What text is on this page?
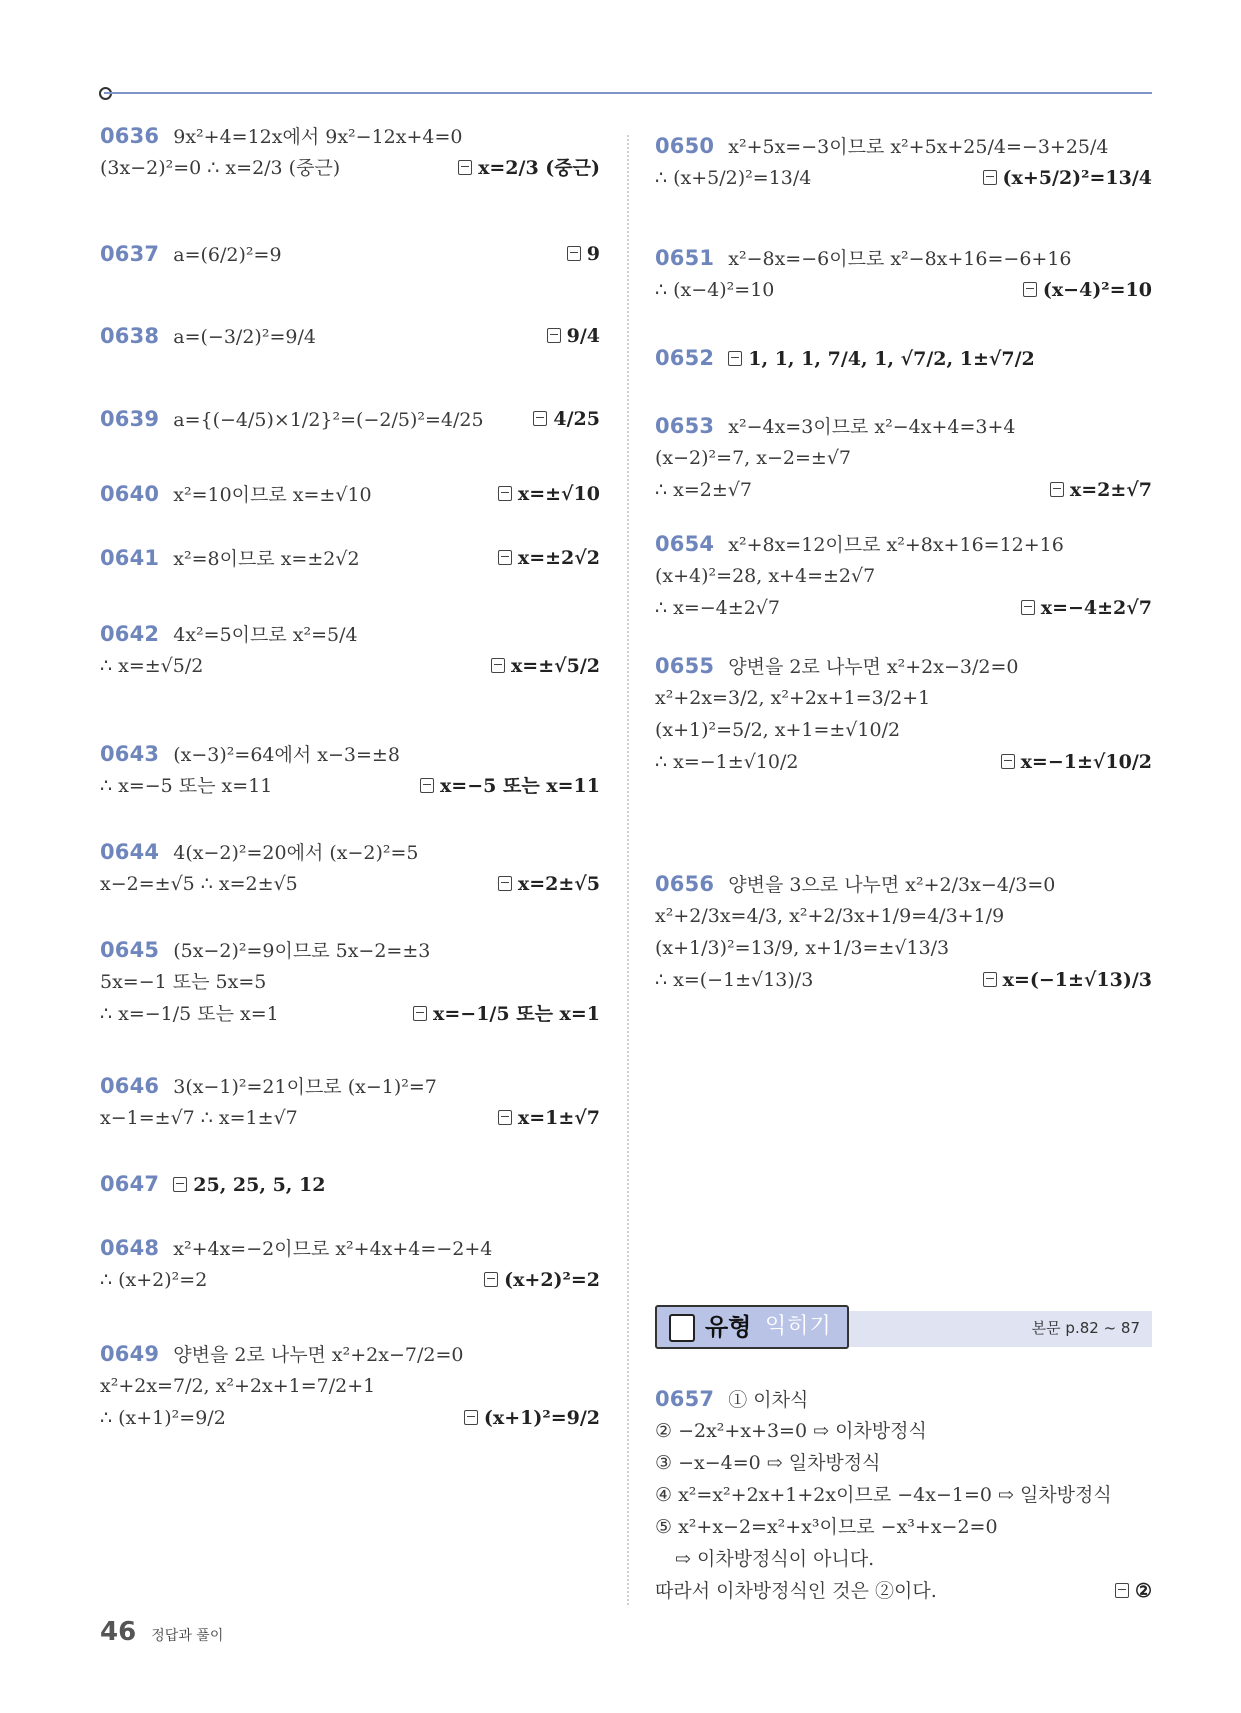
0636 9x²+4=12x에서 9x²−12x+4=0
(3x−2)²=0 ∴ x=2/3 (중근)	x=2/3 (중근)
0637 a=(6/2)²=9	9
0638 a=(−3/2)²=9/4	9/4
0639 a={(−4/5)×1/2}²=(−2/5)²=4/25	4/25
0640 x²=10이므로 x=±√10	x=±√10
0641 x²=8이므로 x=±2√2	x=±2√2
0642 4x²=5이므로 x²=5/4
∴ x=±√5/2	x=±√5/2
0643 (x−3)²=64에서 x−3=±8
∴ x=−5 또는 x=11	x=−5 또는 x=11
0644 4(x−2)²=20에서 (x−2)²=5
x−2=±√5 ∴ x=2±√5	x=2±√5
0645 (5x−2)²=9이므로 5x−2=±3
5x=−1 또는 5x=5
∴ x=−1/5 또는 x=1	x=−1/5 또는 x=1
0646 3(x−1)²=21이므로 (x−1)²=7
x−1=±√7 ∴ x=1±√7	x=1±√7
0647 25, 25, 5, 12
0648 x²+4x=−2이므로 x²+4x+4=−2+4
∴ (x+2)²=2	(x+2)²=2
0649 양변을 2로 나누면 x²+2x−7/2=0
x²+2x=7/2, x²+2x+1=7/2+1
∴ (x+1)²=9/2	(x+1)²=9/2
0650 x²+5x=−3이므로 x²+5x+25/4=−3+25/4
∴ (x+5/2)²=13/4	(x+5/2)²=13/4
0651 x²−8x=−6이므로 x²−8x+16=−6+16
∴ (x−4)²=10	(x−4)²=10
0652 1, 1, 1, 7/4, 1, √7/2, 1±√7/2
0653 x²−4x=3이므로 x²−4x+4=3+4
(x−2)²=7, x−2=±√7
∴ x=2±√7	x=2±√7
0654 x²+8x=12이므로 x²+8x+16=12+16
(x+4)²=28, x+4=±2√7
∴ x=−4±2√7	x=−4±2√7
0655 양변을 2로 나누면 x²+2x−3/2=0
x²+2x=3/2, x²+2x+1=3/2+1
(x+1)²=5/2, x+1=±√10/2
∴ x=−1±√10/2	x=−1±√10/2
0656 양변을 3으로 나누면 x²+2/3x−4/3=0
x²+2/3x=4/3, x²+2/3x+1/9=4/3+1/9
(x+1/3)²=13/9, x+1/3=±√13/3
∴ x=(−1±√13)/3	x=(−1±√13)/3
유형 익히기	본문 p.82 ~ 87
0657 ① 이차식
② −2x²+x+3=0 ⇨ 이차방정식
③ −x−4=0 ⇨ 일차방정식
④ x²=x²+2x+1+2x이므로 −4x−1=0 ⇨ 일차방정식
⑤ x²+x−2=x²+x³이므로 −x³+x−2=0
⇨ 이차방정식이 아니다.
따라서 이차방정식인 것은 ②이다.	②
46 정답과 풀이
